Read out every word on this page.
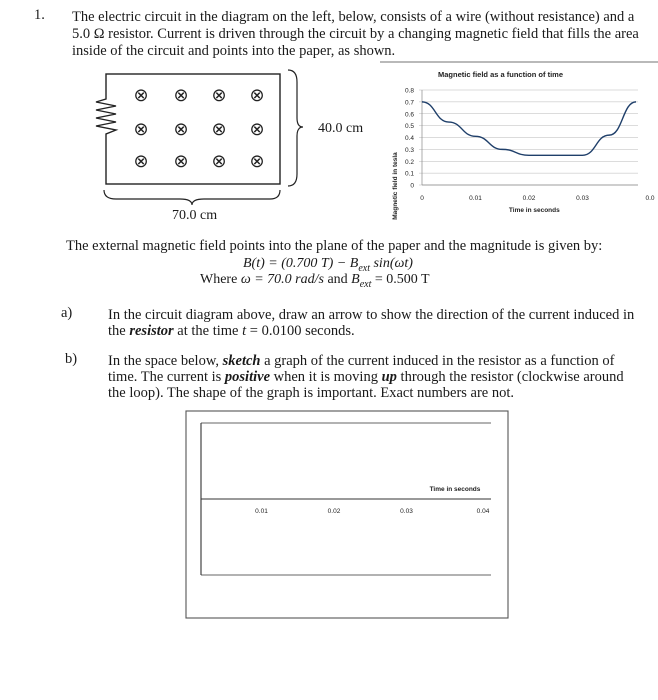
1. The electric circuit in the diagram on the left, below, consists of a wire (without resistance) and a
5.0 Ω resistor. Current is driven through the circuit by a changing magnetic field that fills the area
inside of the circuit and points into the paper, as shown.
⊗ ⊗ ⊗ ⊗
⊗ ⊗ ⊗ ⊗
⊗ ⊗ ⊗ ⊗
40.0 cm
70.0 cm
Magnetic field as a function of time
Magnetic field in tesla	Time in seconds
0.8
0.7
0.6
0.5
0.4
0.3
0.2
0.1
0
0	0.01	0.02	0.03	0.0
The external magnetic field points into the plane of the paper and the magnitude is given by:
B(t) = (0.700 $T) - B_{ext}$ sin(ωt)
Where ω = 70.0 rad/s and $B_{ext} = 0.500$ T
a) In the circuit diagram above, draw an arrow to show the direction of the current induced in
the resistor at the time t = 0.0100 seconds.
b) In the space below, sketch a graph of the current induced in the resistor as a function of
time. The current is positive when it is moving up through the resistor (clockwise around
the loop). The shape of the graph is important. Exact numbers are not.
Time in seconds
0.01	0.02	0.03	0.04
